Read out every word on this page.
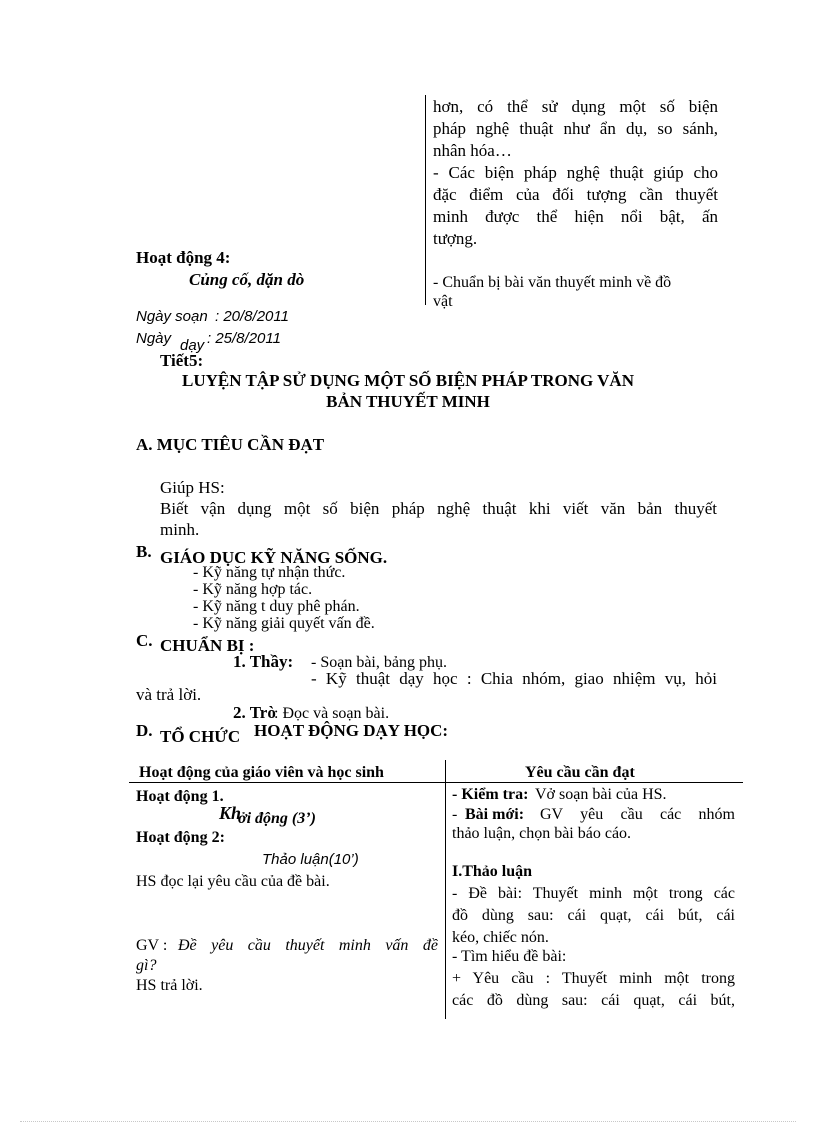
hơn, có thể sử dụng một số biện
pháp nghệ thuật như ẩn dụ, so sánh,
nhân hóa…
- Các biện pháp nghệ thuật giúp cho
đặc điểm của đối tượng cần thuyết
minh được thể hiện nổi bật, ấn
tượng.
- Chuẩn bị bài văn thuyết minh về đồ
vật
Hoạt động 4:
Củng cố, dặn dò
Ngày soạn : 20/8/2011
Ngày dạy : 25/8/2011
Tiết5:
LUYỆN TẬP SỬ DỤNG MỘT SỐ BIỆN PHÁP TRONG VĂN
BẢN THUYẾT MINH
A. MỤC TIÊU CẦN ĐẠT
Giúp HS:
Biết vận dụng một số biện pháp nghệ thuật khi viết văn bản thuyết
minh.
B. GIÁO DỤC KỸ NĂNG SỐNG.
- Kỹ năng tự nhận thức.
- Kỹ năng hợp tác.
- Kỹ năng t duy phê phán.
- Kỹ năng giải quyết vấn đề.
C. CHUẨN BỊ :
1. Thầy: - Soạn bài, bảng phụ.
- Kỹ thuật dạy học : Chia nhóm, giao nhiệm vụ, hỏi
và trả lời.
2. Trò
: Đọc và soạn bài.
D. TỔ CHỨC HOẠT ĐỘNG DẠY HỌC:
Hoạt động của giáo viên và học sinh	Yêu cầu cần đạt
Hoạt động 1.
Kh
ởi động (3’)
Hoạt động 2:
Thảo luận(10’)
HS đọc lại yêu cầu của đề bài.
GV : Đề yêu cầu thuyết minh vấn đề
gì?
HS trả lời.
- Kiểm tra: Vở soạn bài của HS.
- Bài mới: GV yêu cầu các nhóm
thảo luận, chọn bài báo cáo.
I.Thảo luận
- Đề bài: Thuyết minh một trong các
đồ dùng sau: cái quạt, cái bút, cái
kéo, chiếc nón.
- Tìm hiểu đề bài:
+ Yêu cầu : Thuyết minh một trong
các đồ dùng sau: cái quạt, cái bút,
